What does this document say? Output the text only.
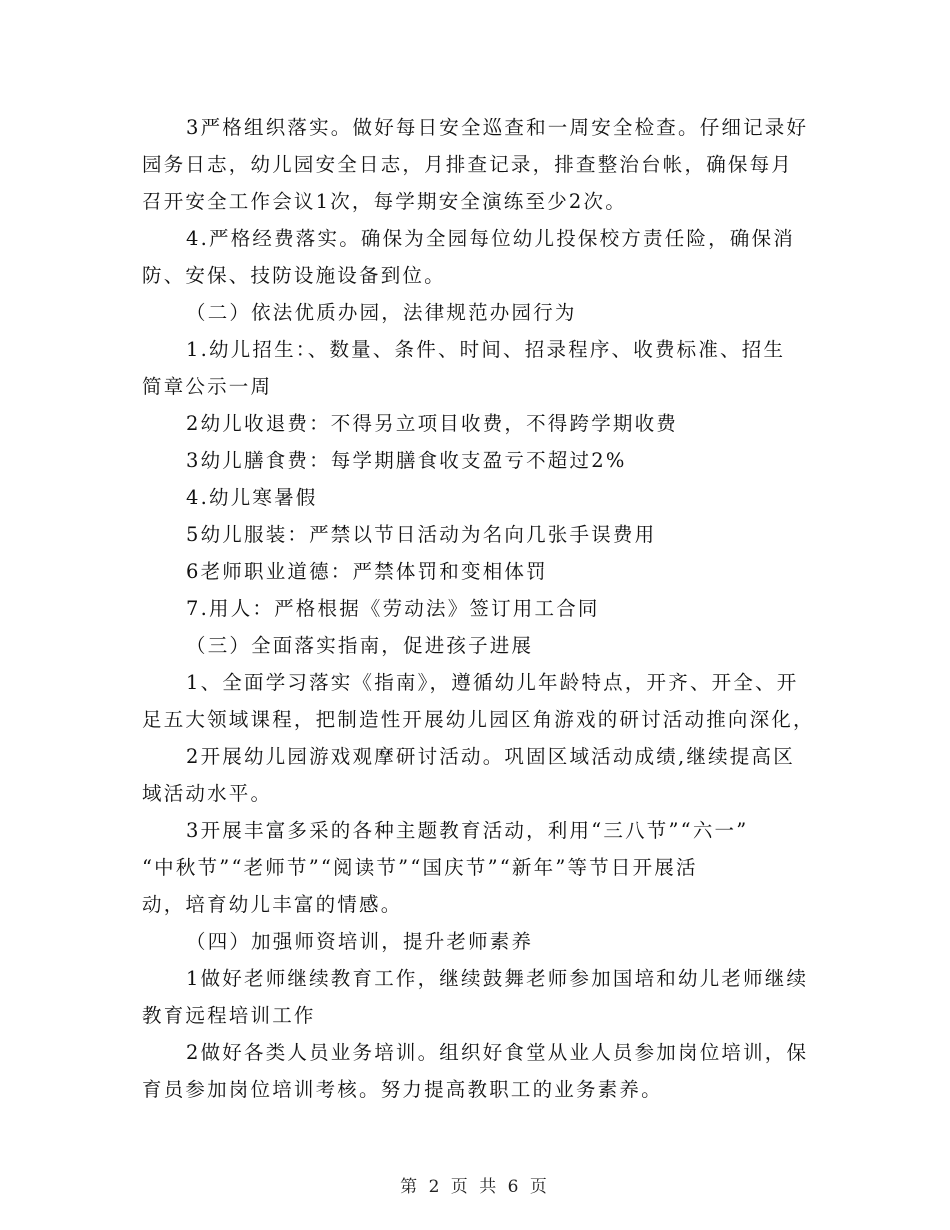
3严格组织落实。做好每日安全巡查和一周安全检查。仔细记录好
园务日志，幼儿园安全日志，月排查记录，排查整治台帐，确保每月
召开安全工作会议1次，每学期安全演练至少2次。
4.严格经费落实。确保为全园每位幼儿投保校方责任险，确保消
防、安保、技防设施设备到位。
（二）依法优质办园，法律规范办园行为
1.幼儿招生：、数量、条件、时间、招录程序、收费标准、招生
简章公示一周
2幼儿收退费：不得另立项目收费，不得跨学期收费
3幼儿膳食费：每学期膳食收支盈亏不超过2%
4.幼儿寒暑假
5幼儿服装：严禁以节日活动为名向几张手误费用
6老师职业道德：严禁体罚和变相体罚
7.用人：严格根据《劳动法》签订用工合同
（三）全面落实指南，促进孩子进展
1、全面学习落实《指南》，遵循幼儿年龄特点，开齐、开全、开
足五大领域课程，把制造性开展幼儿园区角游戏的研讨活动推向深化，
2开展幼儿园游戏观摩研讨活动。巩固区域活动成绩,继续提高区
域活动水平。
3开展丰富多采的各种主题教育活动，利用“三八节”“六一”
“中秋节”“老师节”“阅读节”“国庆节”“新年”等节日开展活
动，培育幼儿丰富的情感。
（四）加强师资培训，提升老师素养
1做好老师继续教育工作，继续鼓舞老师参加国培和幼儿老师继续
教育远程培训工作
2做好各类人员业务培训。组织好食堂从业人员参加岗位培训，保
育员参加岗位培训考核。努力提高教职工的业务素养。
第 2 页 共 6 页
